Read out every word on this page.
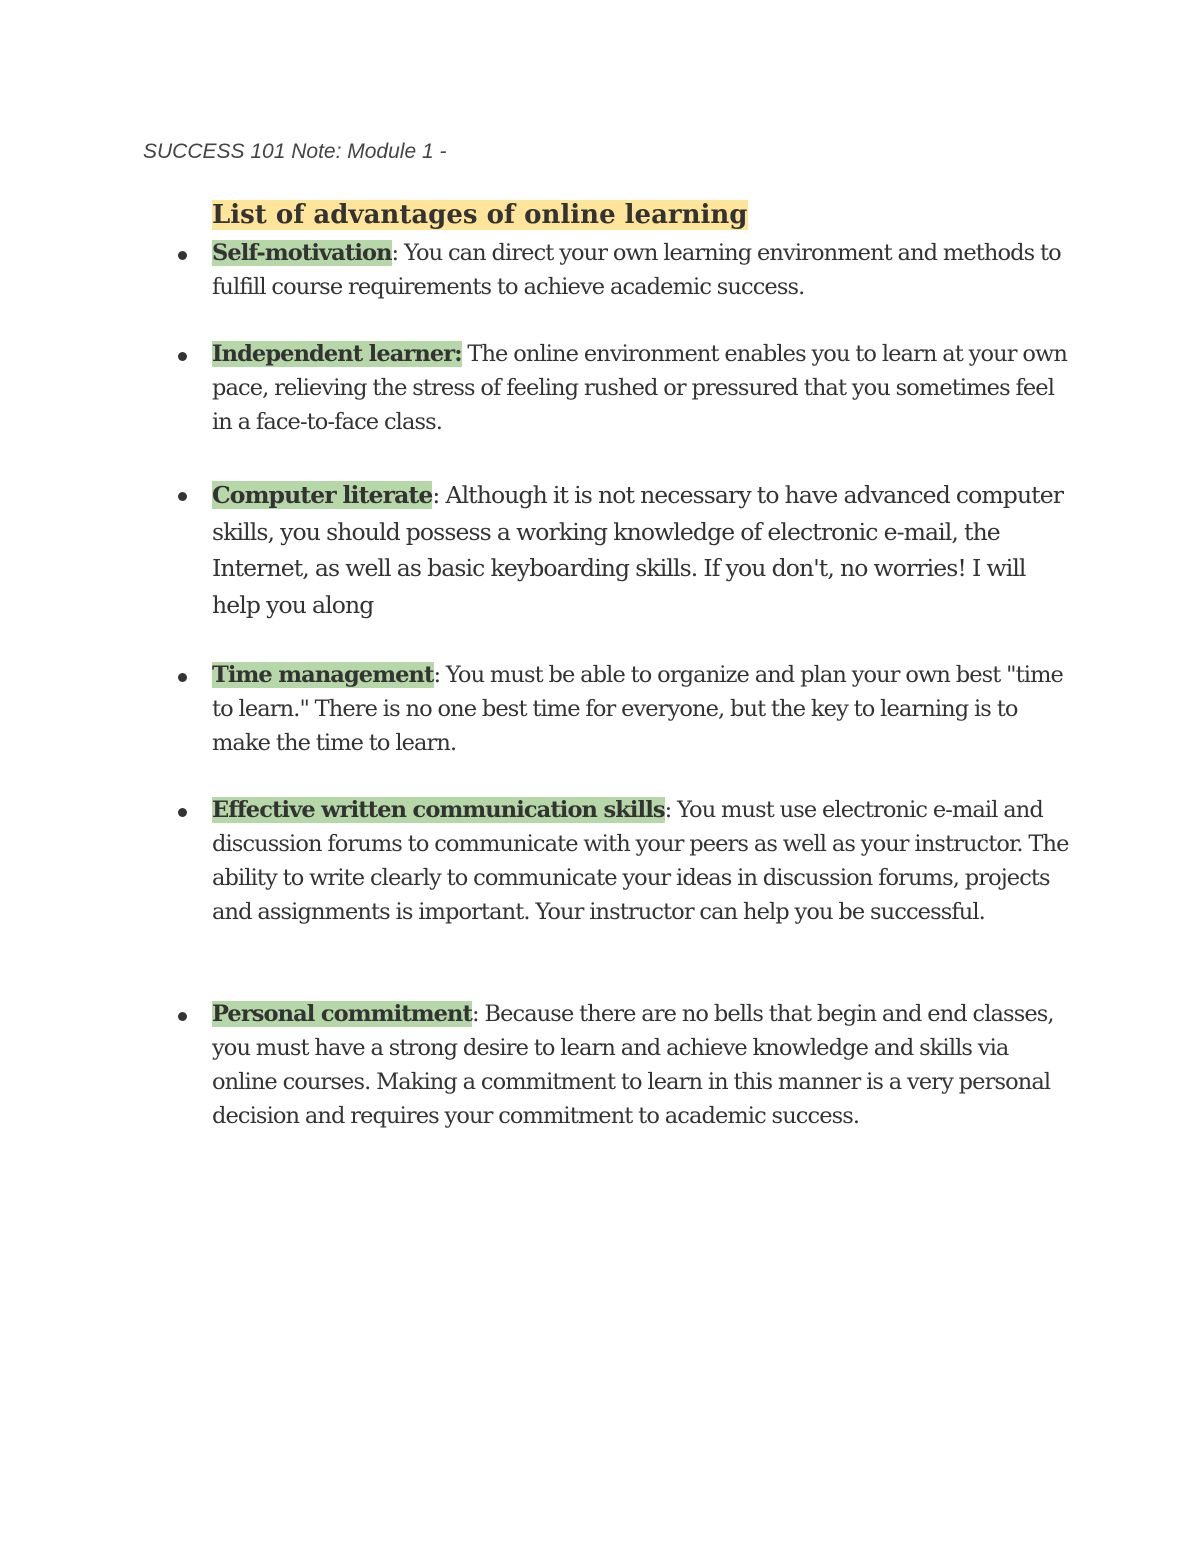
SUCCESS 101 Note: Module 1 -
List of advantages of online learning

Self-motivation: You can direct your own learning environment and methods to fulfill course requirements to achieve academic success.

Independent learner: The online environment enables you to learn at your own pace, relieving the stress of feeling rushed or pressured that you sometimes feel in a face-to-face class.

Computer literate: Although it is not necessary to have advanced computer skills, you should possess a working knowledge of electronic e-mail, the Internet, as well as basic keyboarding skills. If you don't, no worries! I will help you along

Time management: You must be able to organize and plan your own best "time to learn." There is no one best time for everyone, but the key to learning is to make the time to learn.

Effective written communication skills: You must use electronic e-mail and discussion forums to communicate with your peers as well as your instructor. The ability to write clearly to communicate your ideas in discussion forums, projects and assignments is important. Your instructor can help you be successful.

Personal commitment: Because there are no bells that begin and end classes, you must have a strong desire to learn and achieve knowledge and skills via online courses. Making a commitment to learn in this manner is a very personal decision and requires your commitment to academic success.
